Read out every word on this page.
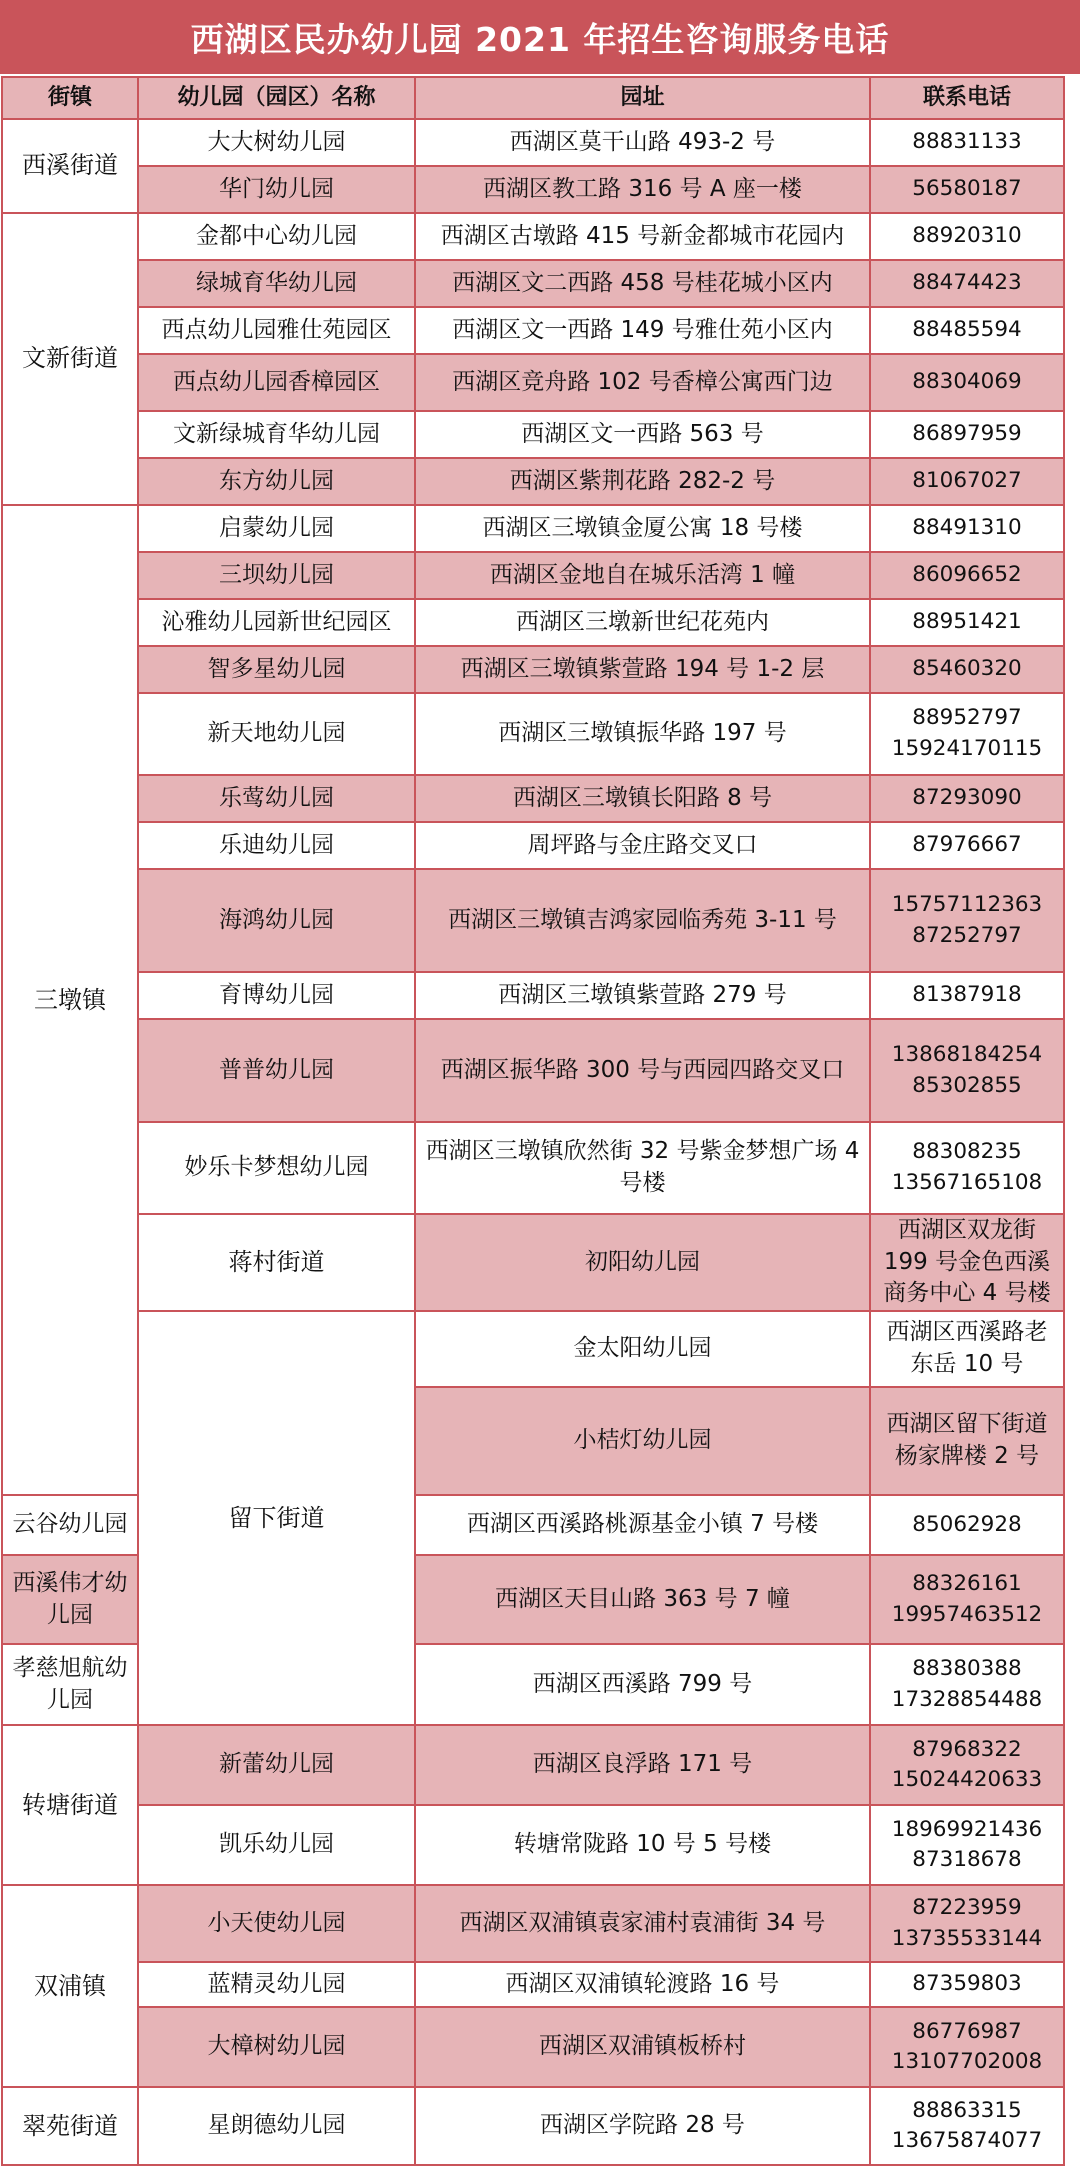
西湖区民办幼儿园 2021 年招生咨询服务电话
街镇	幼儿园（园区）名称	园址	联系电话	
西溪街道	大大树幼儿园	西湖区莫干山路 493-2 号	88831133	

	华门幼儿园	西湖区教工路 316 号 A 座一楼	56580187	

文新街道	金都中心幼儿园	西湖区古墩路 415 号新金都城市花园内	88920310	

	绿城育华幼儿园	西湖区文二西路 458 号桂花城小区内	88474423	

	西点幼儿园雅仕苑园区	西湖区文一西路 149 号雅仕苑小区内	88485594	

	西点幼儿园香樟园区	西湖区竞舟路 102 号香樟公寓西门边	88304069	

	文新绿城育华幼儿园	西湖区文一西路 563 号	86897959	

	东方幼儿园	西湖区紫荆花路 282-2 号	81067027	

三墩镇	启蒙幼儿园	西湖区三墩镇金厦公寓 18 号楼	88491310	

	三坝幼儿园	西湖区金地自在城乐活湾 1 幢	86096652	

	沁雅幼儿园新世纪园区	西湖区三墩新世纪花苑内	88951421	

	智多星幼儿园	西湖区三墩镇紫萱路 194 号 1-2 层	85460320	

	新天地幼儿园	西湖区三墩镇振华路 197 号	88952797
15924170115	

	乐莺幼儿园	西湖区三墩镇长阳路 8 号	87293090	

	乐迪幼儿园	周坪路与金庄路交叉口	87976667	

	海鸿幼儿园	西湖区三墩镇吉鸿家园临秀苑 3-11 号	15757112363
87252797	

	育博幼儿园	西湖区三墩镇紫萱路 279 号	81387918	

	普普幼儿园	西湖区振华路 300 号与西园四路交叉口	13868184254
85302855	

	妙乐卡梦想幼儿园	西湖区三墩镇欣然街 32 号紫金梦想广场 4 号楼	88308235
13567165108	

	蒋村街道	初阳幼儿园	西湖区双龙街 199 号金色西溪商务中心 4 号楼	

	留下街道	金太阳幼儿园	西湖区西溪路老东岳 10 号	

		小桔灯幼儿园	西湖区留下街道杨家牌楼 2 号	

云谷幼儿园		西湖区西溪路桃源基金小镇 7 号楼	85062928	

西溪伟才幼儿园		西湖区天目山路 363 号 7 幢	88326161
19957463512	

孝慈旭航幼儿园		西湖区西溪路 799 号	88380388
17328854488	

转塘街道	新蕾幼儿园	西湖区良浮路 171 号	87968322
15024420633	

	凯乐幼儿园	转塘常陇路 10 号 5 号楼	18969921436
87318678	

双浦镇	小天使幼儿园	西湖区双浦镇袁家浦村袁浦街 34 号	87223959
13735533144	

	蓝精灵幼儿园	西湖区双浦镇轮渡路 16 号	87359803	

	大樟树幼儿园	西湖区双浦镇板桥村	86776987
13107702008	

翠苑街道	星朗德幼儿园	西湖区学院路 28 号	88863315
13675874077	
